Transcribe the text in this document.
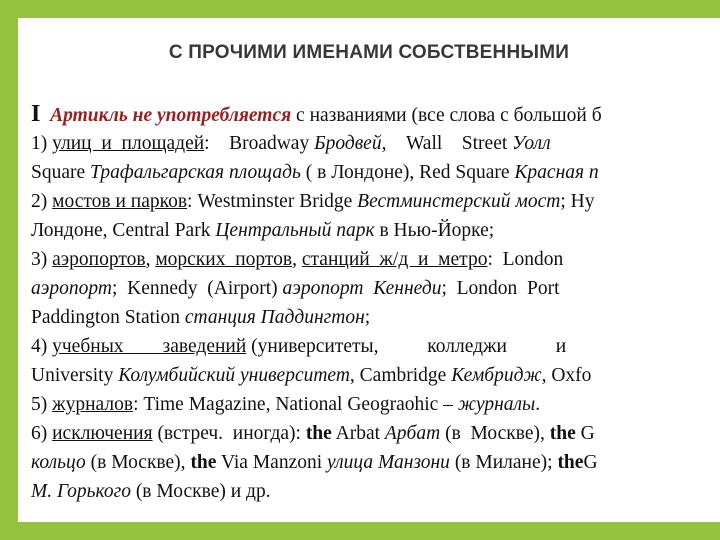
С ПРОЧИМИ ИМЕНАМИ СОБСТВЕННЫМИ
I Артикль не употребляется с названиями (все слова с большой б
1) улиц  и  площадей:    Broadway Бродвей,    Wall    Street Уолл
Square Трафальгарская площадь ( в Лондоне), Red Square Красная п
2) мостов и парков: Westminster Bridge Вестминстерский мост; Hy
Лондоне, Central Park Центральный парк в Нью-Йорке;
3) аэропортов, морских  портов, станций  ж/д  и  метро:  London
аэропорт;  Kennedy  (Airport) аэропорт  Кеннеди;  London  Port
Paddington Station станция Паддингтон;
4) учебных        заведений (университеты,          колледжи          и
University Колумбийский университет, Cambridge Кембридж, Oxfo
5) журналов: Time Magazine, National Geograohic – журналы.
6) исключения (встреч.  иногда): the Arbat Арбат (в  Москве), the G
кольцо (в Москве), the Via Manzoni улица Манзони (в Милане); theG
М. Горького (в Москве) и др.
